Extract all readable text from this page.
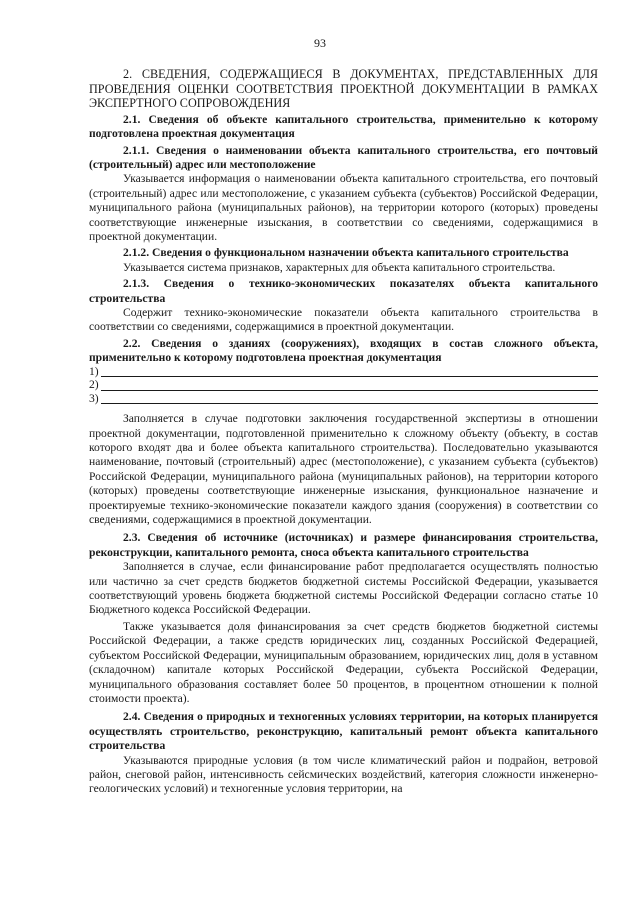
93

2. СВЕДЕНИЯ, СОДЕРЖАЩИЕСЯ В ДОКУМЕНТАХ, ПРЕДСТАВЛЕННЫХ ДЛЯ ПРОВЕДЕНИЯ ОЦЕНКИ СООТВЕТСТВИЯ ПРОЕКТНОЙ ДОКУМЕНТАЦИИ В РАМКАХ ЭКСПЕРТНОГО СОПРОВОЖДЕНИЯ

2.1. Сведения об объекте капитального строительства, применительно к которому подготовлена проектная документация

2.1.1. Сведения о наименовании объекта капитального строительства, его почтовый (строительный) адрес или местоположение

Указывается информация о наименовании объекта капитального строительства, его почтовый (строительный) адрес или местоположение, с указанием субъекта (субъектов) Российской Федерации, муниципального района (муниципальных районов), на территории которого (которых) проведены соответствующие инженерные изыскания, в соответствии со сведениями, содержащимися в проектной документации.

2.1.2. Сведения о функциональном назначении объекта капитального строительства

Указывается система признаков, характерных для объекта капитального строительства.

2.1.3. Сведения о технико-экономических показателях объекта капитального строительства

Содержит технико-экономические показатели объекта капитального строительства в соответствии со сведениями, содержащимися в проектной документации.

2.2. Сведения о зданиях (сооружениях), входящих в состав сложного объекта, применительно к которому подготовлена проектная документация

1)
2)
3)

Заполняется в случае подготовки заключения государственной экспертизы в отношении проектной документации, подготовленной применительно к сложному объекту (объекту, в состав которого входят два и более объекта капитального строительства). Последовательно указываются наименование, почтовый (строительный) адрес (местоположение), с указанием субъекта (субъектов) Российской Федерации, муниципального района (муниципальных районов), на территории которого (которых) проведены соответствующие инженерные изыскания, функциональное назначение и проектируемые технико-экономические показатели каждого здания (сооружения) в соответствии со сведениями, содержащимися в проектной документации.

2.3. Сведения об источнике (источниках) и размере финансирования строительства, реконструкции, капитального ремонта, сноса объекта капитального строительства

Заполняется в случае, если финансирование работ предполагается осуществлять полностью или частично за счет средств бюджетов бюджетной системы Российской Федерации, указывается соответствующий уровень бюджета бюджетной системы Российской Федерации согласно статье 10 Бюджетного кодекса Российской Федерации.

Также указывается доля финансирования за счет средств бюджетов бюджетной системы Российской Федерации, а также средств юридических лиц, созданных Российской Федерацией, субъектом Российской Федерации, муниципальным образованием, юридических лиц, доля в уставном (складочном) капитале которых Российской Федерации, субъекта Российской Федерации, муниципального образования составляет более 50 процентов, в процентном отношении к полной стоимости проекта).

2.4. Сведения о природных и техногенных условиях территории, на которых планируется осуществлять строительство, реконструкцию, капитальный ремонт объекта капитального строительства

Указываются природные условия (в том числе климатический район и подрайон, ветровой район, снеговой район, интенсивность сейсмических воздействий, категория сложности инженерно-геологических условий) и техногенные условия территории, на
